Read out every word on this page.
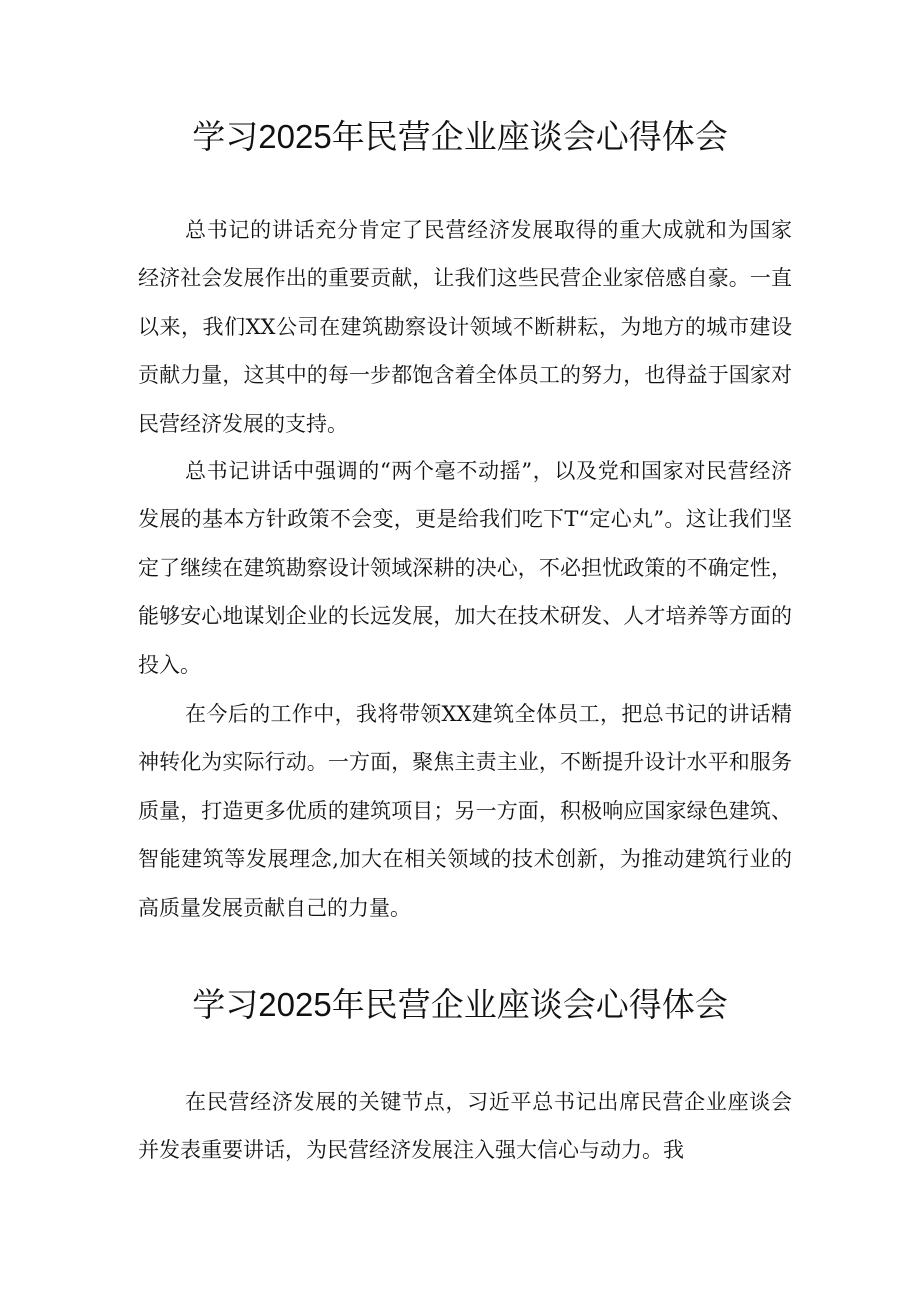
学习2025年民营企业座谈会心得体会

总书记的讲话充分肯定了民营经济发展取得的重大成就和为国家经济社会发展作出的重要贡献，让我们这些民营企业家倍感自豪。一直以来，我们XX公司在建筑勘察设计领域不断耕耘，为地方的城市建设贡献力量，这其中的每一步都饱含着全体员工的努力，也得益于国家对民营经济发展的支持。

总书记讲话中强调的“两个毫不动摇”，以及党和国家对民营经济发展的基本方针政策不会变，更是给我们吃下T“定心丸”。这让我们坚定了继续在建筑勘察设计领域深耕的决心，不必担忧政策的不确定性，能够安心地谋划企业的长远发展，加大在技术研发、人才培养等方面的投入。

在今后的工作中，我将带领XX建筑全体员工，把总书记的讲话精神转化为实际行动。一方面，聚焦主责主业，不断提升设计水平和服务质量，打造更多优质的建筑项目；另一方面，积极响应国家绿色建筑、智能建筑等发展理念,加大在相关领域的技术创新，为推动建筑行业的高质量发展贡献自己的力量。

学习2025年民营企业座谈会心得体会

在民营经济发展的关键节点，习近平总书记出席民营企业座谈会并发表重要讲话，为民营经济发展注入强大信心与动力。我
